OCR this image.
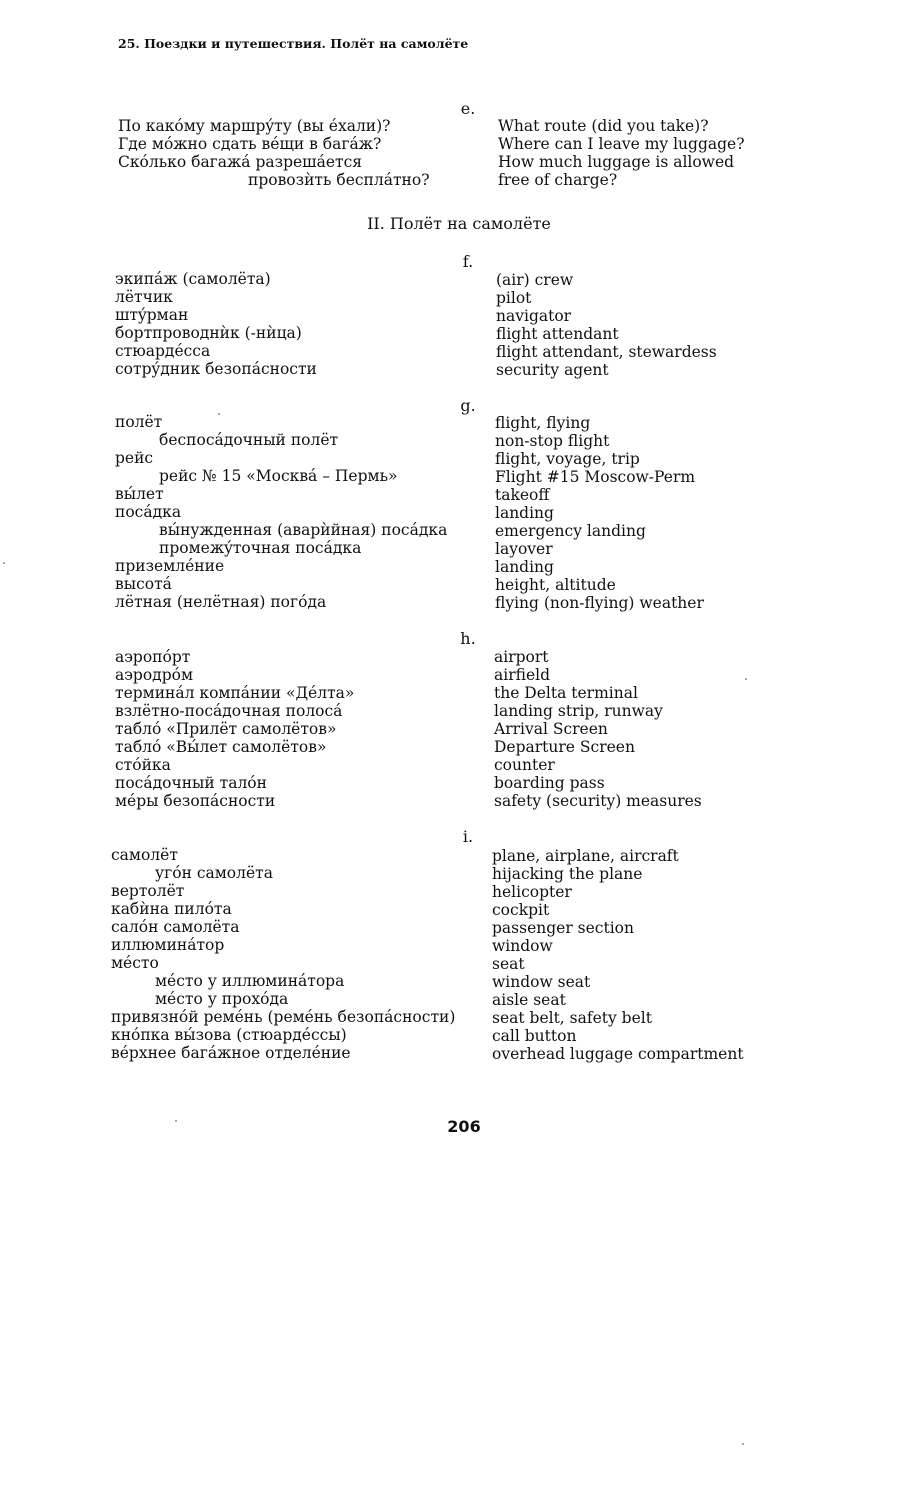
25. Поездки и путешествия. Полёт на самолёте
e.
По какóму маршрýту (вы éхали)?
Где мóжно сдать вéщи в багáж?
Скóлько багажá разрешáется
провозѝть бесплáтно?
What route (did you take)?
Where can I leave my luggage?
How much luggage is allowed
free of charge?
II. Полёт на самолёте
f.
экипáж (самолёта)
лётчик
штýрман
бортпроводнѝк (-нѝца)
стюардéсса
сотрýдник безопáсности
(air) crew
pilot
navigator
flight attendant
flight attendant, stewardess
security agent
g.
полёт
беспосáдочный полёт
рейс
рейс № 15 «Москвá – Пермь»
вы́лет
посáдка
вы́нужденная (аварѝйная) посáдка
промежýточная посáдка
приземлéние
высотá
лётная (нелётная) погóда
flight, flying
non-stop flight
flight, voyage, trip
Flight #15 Moscow-Perm
takeoff
landing
emergency landing
layover
landing
height, altitude
flying (non-flying) weather
h.
аэропóрт
аэродрóм
терминáл компáнии «Дéлта»
взлётно-посáдочная полосá
таблó «Прилёт самолётов»
таблó «Вы́лет самолётов»
стóйка
посáдочный талóн
мéры безопáсности
airport
airfield
the Delta terminal
landing strip, runway
Arrival Screen
Departure Screen
counter
boarding pass
safety (security) measures
i.
самолёт
угóн самолёта
вертолёт
кабѝна пилóта
салóн самолёта
иллюминáтор
мéсто
мéсто у иллюминáтора
мéсто у прохóда
привязнóй ремéнь (ремéнь безопáсности)
кнóпка вы́зова (стюардéссы)
вéрхнее багáжное отделéние
plane, airplane, aircraft
hijacking the plane
helicopter
cockpit
passenger section
window
seat
window seat
aisle seat
seat belt, safety belt
call button
overhead luggage compartment
206
